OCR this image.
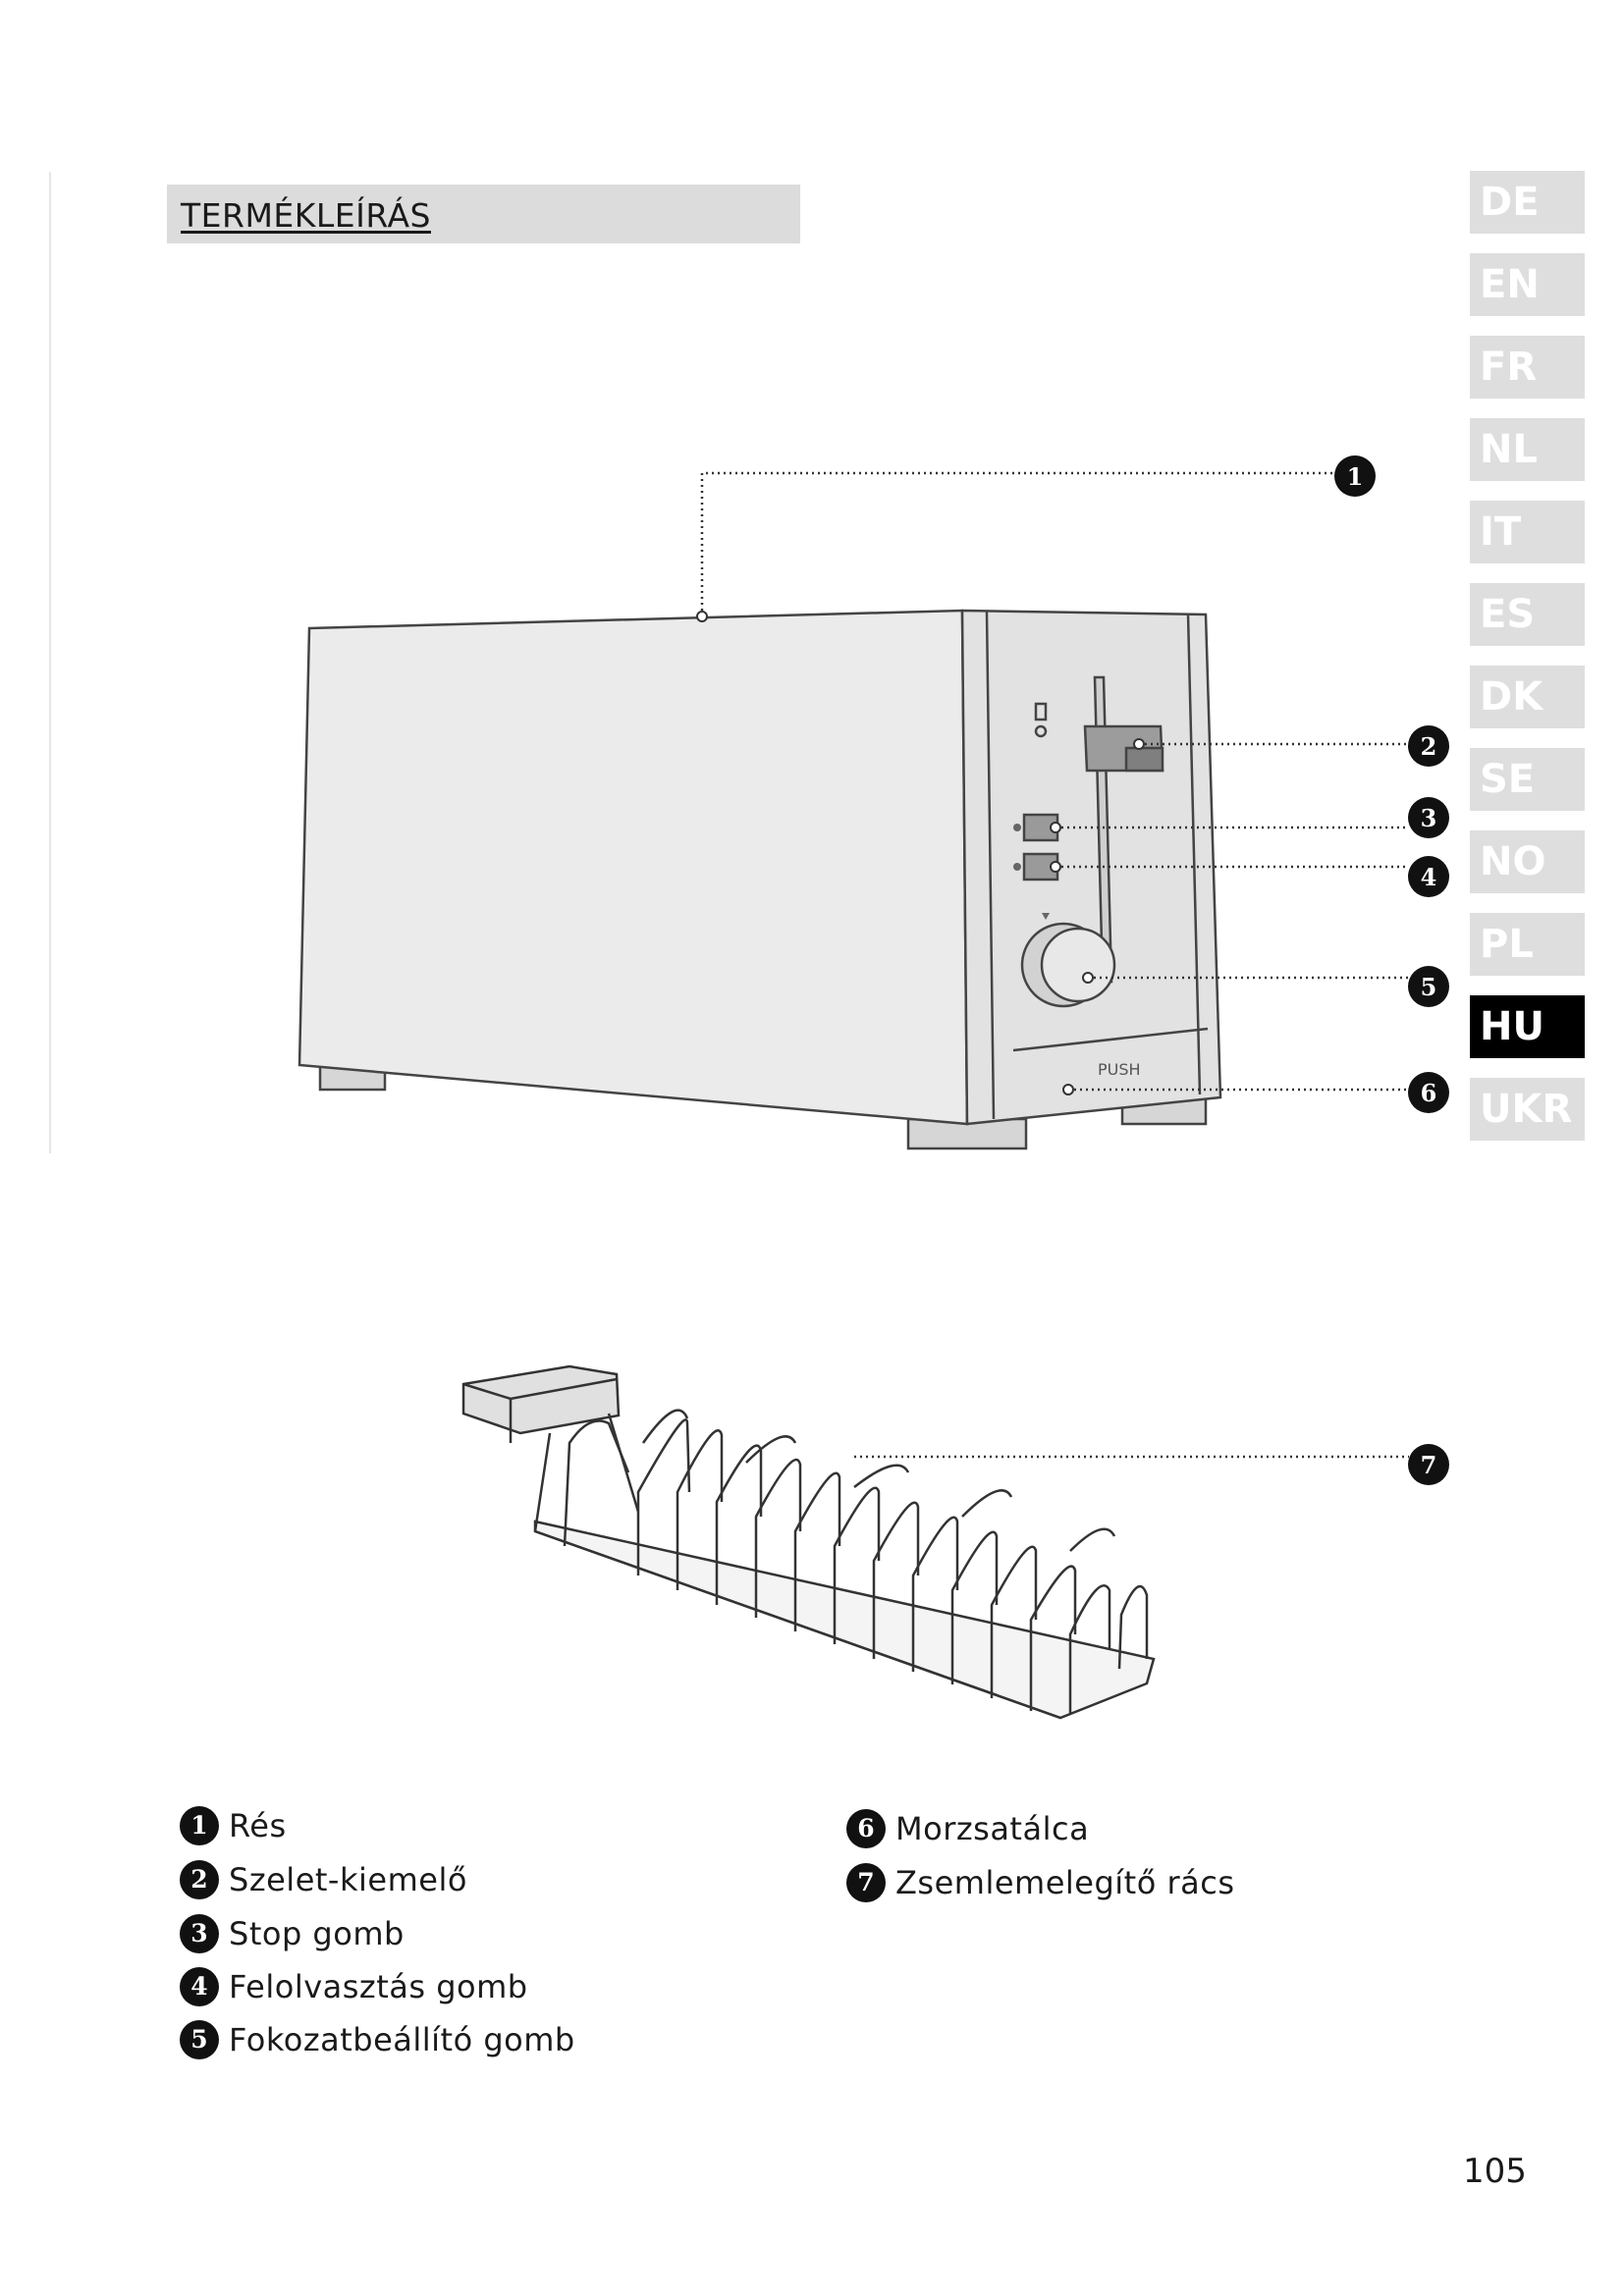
TERMÉKLEÍRÁS	DE
EN
FR
NL
IT
ES
DK
SE
NO
PL
HU
UKR
PUSH
1
2
3
4
5
6
7
1 Rés
2 Szelet-kiemelő
3 Stop gomb
4 Felolvasztás gomb
5 Fokozatbeállító gomb
6 Morzsatálca
7 Zsemlemelegítő rács
105
